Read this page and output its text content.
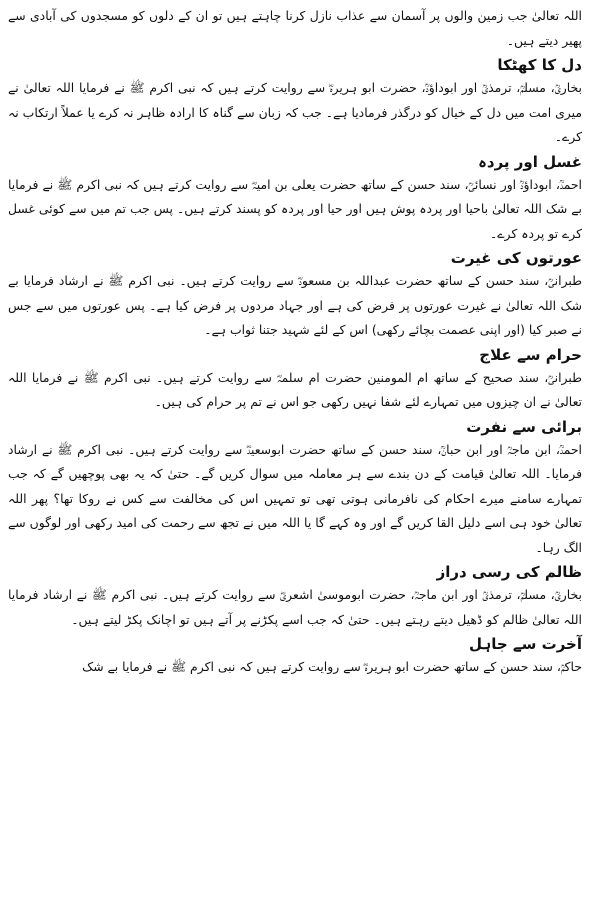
اللہ تعالیٰ جب زمین والوں پر آسمان سے عذاب نازل کرنا چاہتے ہیں تو ان کے دلوں کو مسجدوں کی آبادی سے پھیر دیتے ہیں۔

دل کا کھٹکا

بخاریؒ، مسلمؒ، ترمذیؒ اور ابوداؤدؒ، حضرت ابو ہریرہؓ سے روایت کرتے ہیں کہ نبی اکرم ﷺ نے فرمایا اللہ تعالیٰ نے میری امت میں دل کے خیال کو درگذر فرمادیا ہے۔ جب کہ زبان سے گناہ کا ارادہ ظاہر نہ کرے یا عملاً ارتکاب نہ کرے۔

غسل اور پردہ

احمدؒ، ابوداؤدؒ اور نسائیؒ، سند حسن کے ساتھ حضرت یعلی بن امیہؓ سے روایت کرتے ہیں کہ نبی اکرم ﷺ نے فرمایا بے شک اللہ تعالیٰ باحیا اور پردہ پوش ہیں اور حیا اور پردہ کو پسند کرتے ہیں۔ پس جب تم میں سے کوئی غسل کرے تو پردہ کرے۔

عورتوں کی غیرت

طبرانیؒ، سند حسن کے ساتھ حضرت عبداللہ بن مسعودؓ سے روایت کرتے ہیں۔ نبی اکرم ﷺ نے ارشاد فرمایا بے شک اللہ تعالیٰ نے غیرت عورتوں پر فرض کی ہے اور جہاد مردوں پر فرض کیا ہے۔ پس عورتوں میں سے جس نے صبر کیا (اور اپنی عصمت بچائے رکھی) اس کے لئے شہید جتنا ثواب ہے۔

حرام سے علاج

طبرانیؒ، سند صحیح کے ساتھ ام المومنین حضرت ام سلمہؓ سے روایت کرتے ہیں۔ نبی اکرم ﷺ نے فرمایا اللہ تعالیٰ نے ان چیزوں میں تمہارے لئے شفا نہیں رکھی جو اس نے تم پر حرام کی ہیں۔

برائی سے نفرت

احمدؒ، ابن ماجہؒ اور ابن حبانؒ، سند حسن کے ساتھ حضرت ابوسعیدؓ سے روایت کرتے ہیں۔ نبی اکرم ﷺ نے ارشاد فرمایا۔ اللہ تعالیٰ قیامت کے دن بندے سے ہر معاملہ میں سوال کریں گے۔ حتیٰ کہ یہ بھی پوچھیں گے کہ جب تمہارے سامنے میرے احکام کی نافرمانی ہوتی تھی تو تمہیں اس کی مخالفت سے کس نے روکا تھا؟ پھر اللہ تعالیٰ خود ہی اسے دلیل القا کریں گے اور وہ کہے گا یا اللہ میں نے تجھ سے رحمت کی امید رکھی اور لوگوں سے الگ رہا۔

ظالم کی رسی دراز

بخاریؒ، مسلمؒ، ترمذیؒ اور ابن ماجہؒ، حضرت ابوموسیٰ اشعریؓ سے روایت کرتے ہیں۔ نبی اکرم ﷺ نے ارشاد فرمایا اللہ تعالیٰ ظالم کو ڈھیل دیتے رہتے ہیں۔ حتیٰ کہ جب اسے پکڑنے پر آتے ہیں تو اچانک پکڑ لیتے ہیں۔

آخرت سے جاہل

حاکمؒ، سند حسن کے ساتھ حضرت ابو ہریرہؓ سے روایت کرتے ہیں کہ نبی اکرم ﷺ نے فرمایا بے شک
